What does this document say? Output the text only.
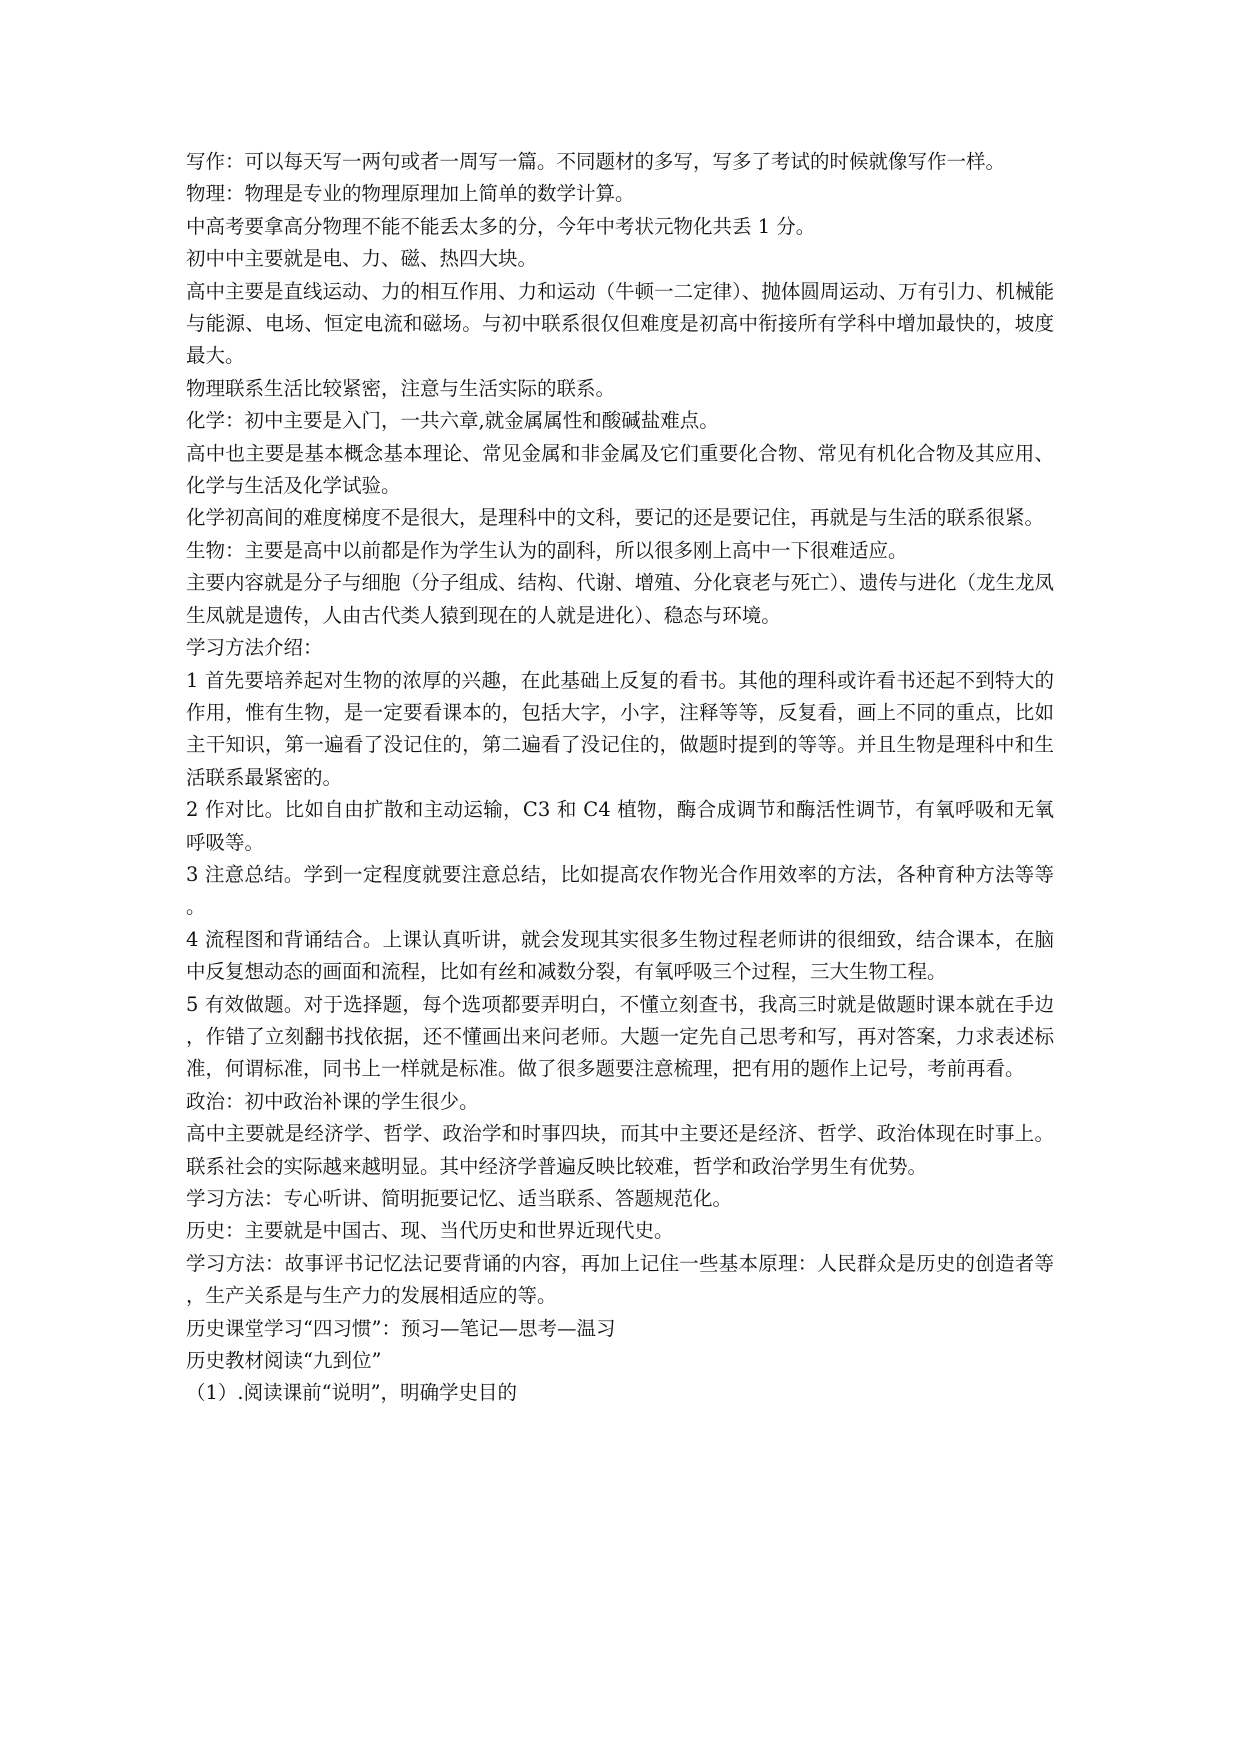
写作：可以每天写一两句或者一周写一篇。不同题材的多写，写多了考试的时候就像写作一样。

物理：物理是专业的物理原理加上简单的数学计算。

中高考要拿高分物理不能不能丢太多的分，今年中考状元物化共丢 1 分。

初中中主要就是电、力、磁、热四大块。

高中主要是直线运动、力的相互作用、力和运动（牛顿一二定律）、抛体圆周运动、万有引力、机械能与能源、电场、恒定电流和磁场。与初中联系很仅但难度是初高中衔接所有学科中增加最快的，坡度最大。

物理联系生活比较紧密，注意与生活实际的联系。

化学：初中主要是入门，一共六章,就金属属性和酸碱盐难点。

高中也主要是基本概念基本理论、常见金属和非金属及它们重要化合物、常见有机化合物及其应用、化学与生活及化学试验。

化学初高间的难度梯度不是很大，是理科中的文科，要记的还是要记住，再就是与生活的联系很紧。

生物：主要是高中以前都是作为学生认为的副科，所以很多刚上高中一下很难适应。

主要内容就是分子与细胞（分子组成、结构、代谢、增殖、分化衰老与死亡）、遗传与进化（龙生龙凤生凤就是遗传，人由古代类人猿到现在的人就是进化）、稳态与环境。

学习方法介绍：

1 首先要培养起对生物的浓厚的兴趣，在此基础上反复的看书。其他的理科或许看书还起不到特大的作用，惟有生物，是一定要看课本的，包括大字，小字，注释等等，反复看，画上不同的重点，比如主干知识，第一遍看了没记住的，第二遍看了没记住的，做题时提到的等等。并且生物是理科中和生活联系最紧密的。

2 作对比。比如自由扩散和主动运输，C3 和 C4 植物，酶合成调节和酶活性调节，有氧呼吸和无氧呼吸等。

3 注意总结。学到一定程度就要注意总结，比如提高农作物光合作用效率的方法，各种育种方法等等。

4 流程图和背诵结合。上课认真听讲，就会发现其实很多生物过程老师讲的很细致，结合课本，在脑中反复想动态的画面和流程，比如有丝和减数分裂，有氧呼吸三个过程，三大生物工程。

5 有效做题。对于选择题，每个选项都要弄明白，不懂立刻查书，我高三时就是做题时课本就在手边，作错了立刻翻书找依据，还不懂画出来问老师。大题一定先自己思考和写，再对答案，力求表述标准，何谓标准，同书上一样就是标准。做了很多题要注意梳理，把有用的题作上记号，考前再看。

政治：初中政治补课的学生很少。

高中主要就是经济学、哲学、政治学和时事四块，而其中主要还是经济、哲学、政治体现在时事上。联系社会的实际越来越明显。其中经济学普遍反映比较难，哲学和政治学男生有优势。

学习方法：专心听讲、简明扼要记忆、适当联系、答题规范化。

历史：主要就是中国古、现、当代历史和世界近现代史。

学习方法：故事评书记忆法记要背诵的内容，再加上记住一些基本原理：人民群众是历史的创造者等，生产关系是与生产力的发展相适应的等。

历史课堂学习“四习惯”：预习—笔记—思考—温习

历史教材阅读“九到位”

（1）.阅读课前“说明”，明确学史目的
